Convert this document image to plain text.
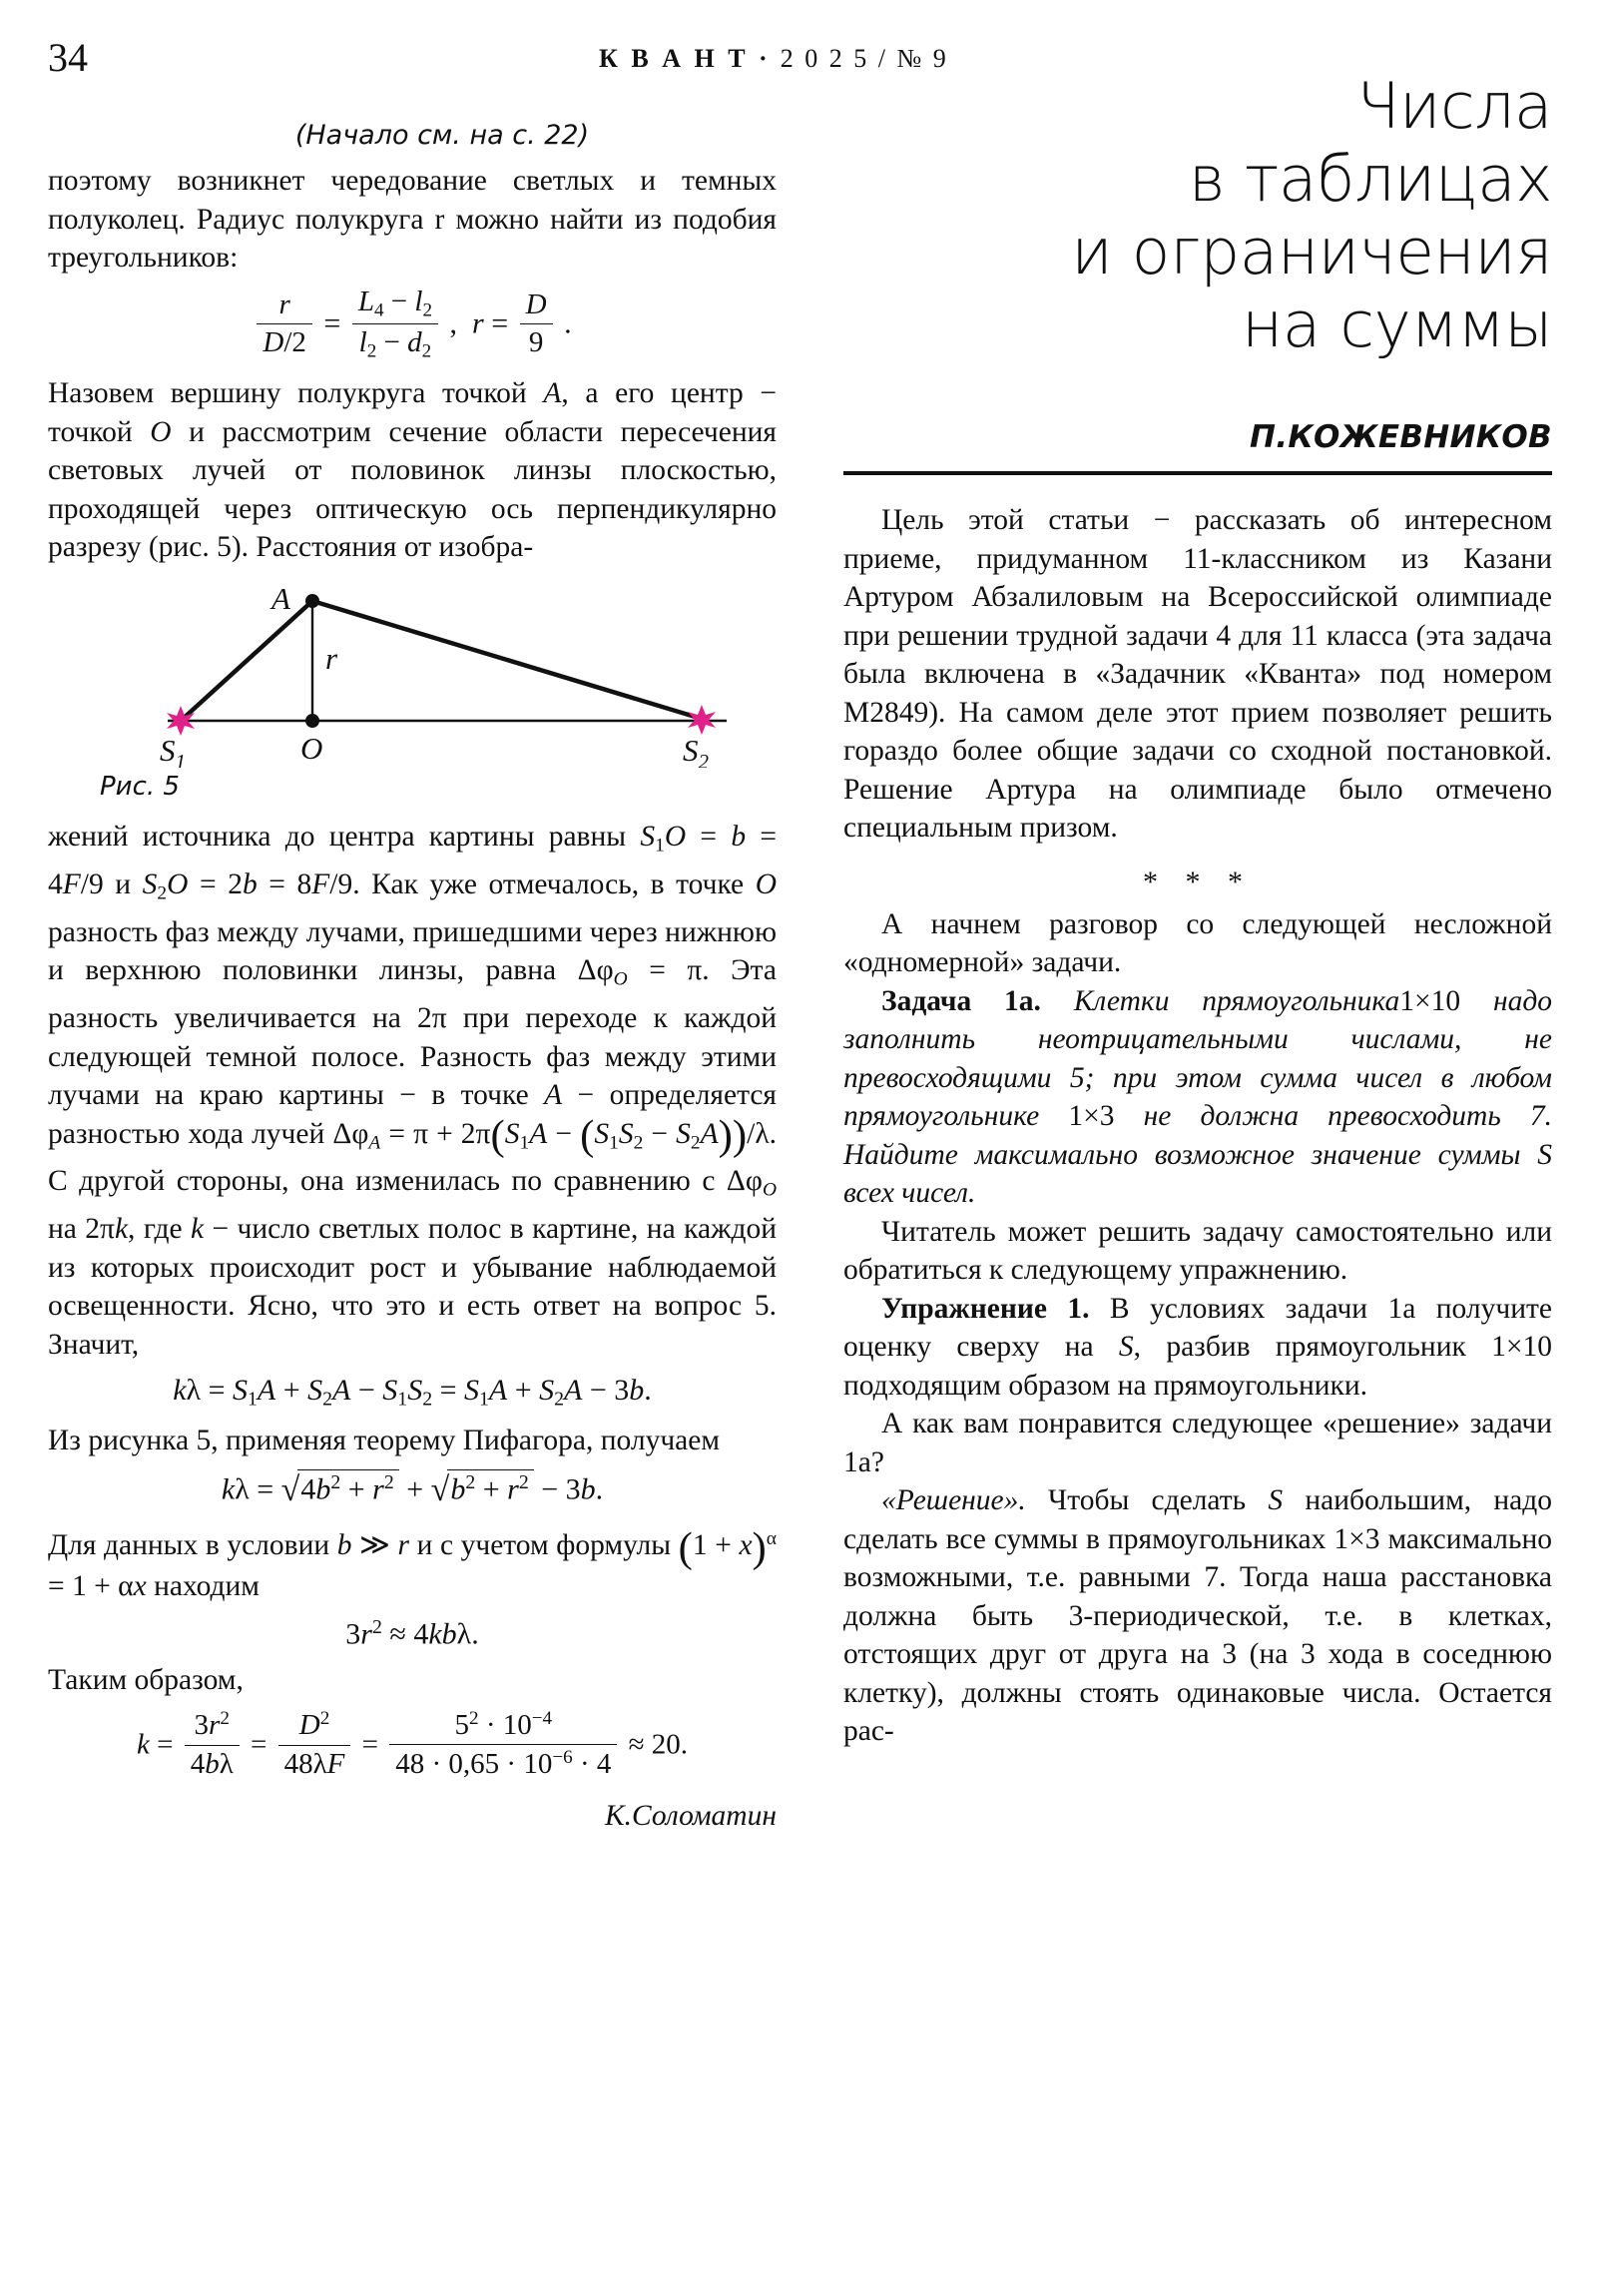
34	К В А Н Т · 2 0 2 5 / № 9
(Начало см. на с. 22)

поэтому возникнет чередование светлых и темных полуколец. Радиус полукруга r можно найти из подобия треугольников:

$\frac{r}{D/2} = \frac{L_4 - l_2}{l_2 - d_2}$ ,  $r = \frac{D}{9}$ .

Назовем вершину полукруга точкой A, а его центр − точкой O и рассмотрим сечение области пересечения световых лучей от половинок линзы плоскостью, проходящей через оптическую ось перпендикулярно разрезу (рис. 5). Расстояния от изобра-

A
r
O
$S_1$	$S_2$
Рис. 5

жений источника до центра картины равны $S_1O = b = 4F/9$ и $S_2O = 2b = 8F/9$. Как уже отмечалось, в точке O разность фаз между лучами, пришедшими через нижнюю и верхнюю половинки линзы, равна $\Delta\varphi_O = \pi$. Эта разность увеличивается на 2π при переходе к каждой следующей темной полосе. Разность фаз между этими лучами на краю картины − в точке A − определяется разностью хода лучей $\Delta\varphi_A = \pi + 2\pi(S_1A - (S_1S_2 - S_2A))/\lambda$. С другой стороны, она изменилась по сравнению с $\Delta\varphi_O$ на 2πk, где k − число светлых полос в картине, на каждой из которых происходит рост и убывание наблюдаемой освещенности. Ясно, что это и есть ответ на вопрос 5. Значит,

$k\lambda = S_1A + S_2A - S_1S_2 = S_1A + S_2A - 3b$.

Из рисунка 5, применяя теорему Пифагора, получаем

$k\lambda = √4b^2 + r^2 + √b^2 + r^2 - 3b$.

Для данных в условии b ≫ r и с учетом формулы $(1 + x)^\alpha = 1 + \alpha x$ находим

$3r^2 \approx 4kb\lambda$.

Таким образом,

$k = \frac{3r^2}{4b\lambda} = \frac{D^2}{48\lambda F} = \frac{5^2 \cdot 10^{-4}}{48 \cdot 0,65 \cdot 10^{-6} \cdot 4} \approx 20$.

К.Соломатин

Числа
в таблицах
и ограничения
на суммы
П.КОЖЕВНИКОВ

Цель этой статьи − рассказать об интересном приеме, придуманном 11-классником из Казани Артуром Абзалиловым на Всероссийской олимпиаде при решении трудной задачи 4 для 11 класса (эта задача была включена в «Задачник «Кванта» под номером М2849). На самом деле этот прием позволяет решить гораздо более общие задачи со сходной постановкой. Решение Артура на олимпиаде было отмечено специальным призом.

* * *

А начнем разговор со следующей несложной «одномерной» задачи.

Задача 1a. Клетки прямоугольника1×10 надо заполнить неотрицательными числами, не превосходящими 5; при этом сумма чисел в любом прямоугольнике 1×3 не должна превосходить 7. Найдите максимально возможное значение суммы S всех чисел.

Читатель может решить задачу самостоятельно или обратиться к следующему упражнению.

Упражнение 1. В условиях задачи 1a получите оценку сверху на S, разбив прямоугольник 1×10 подходящим образом на прямоугольники.

А как вам понравится следующее «решение» задачи 1a?

«Решение». Чтобы сделать S наибольшим, надо сделать все суммы в прямоугольниках 1×3 максимально возможными, т.е. равными 7. Тогда наша расстановка должна быть 3-периодической, т.е. в клетках, отстоящих друг от друга на 3 (на 3 хода в соседнюю клетку), должны стоять одинаковые числа. Остается рас-
